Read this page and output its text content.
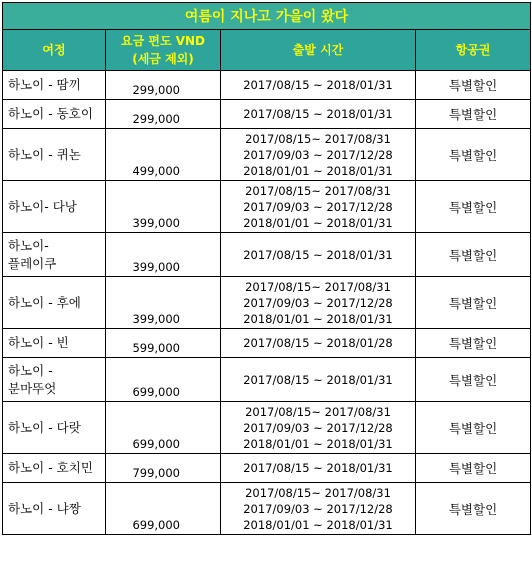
여름이 지나고 가을이 왔다			
여정	요금 편도 VND
(세금 제외)	출발 시간	항공권

하노이 - 땀끼	299,000	2017/08/15 ~ 2018/01/31	특별할인

하노이 - 동호이	299,000	2017/08/15 ~ 2018/01/31	특별할인

하노이 - 퀴논	499,000	2017/08/15~ 2017/08/31
2017/09/03 ~ 2017/12/28
2018/01/01 ~ 2018/01/31	특별할인

하노이- 다낭	399,000	2017/08/15~ 2017/08/31
2017/09/03 ~ 2017/12/28
2018/01/01 ~ 2018/01/31	특별할인

하노이-
플레이쿠	399,000	2017/08/15 ~ 2018/01/31	특별할인

하노이 - 후에	399,000	2017/08/15~ 2017/08/31
2017/09/03 ~ 2017/12/28
2018/01/01 ~ 2018/01/31	특별할인

하노이 - 빈	599,000	2017/08/15 ~ 2018/01/28	특별할인

하노이 -
분마뚜엇	699,000	2017/08/15 ~ 2018/01/31	특별할인

하노이 - 다랏	699,000	2017/08/15~ 2017/08/31
2017/09/03 ~ 2017/12/28
2018/01/01 ~ 2018/01/31	특별할인

하노이 - 호치민	799,000	2017/08/15 ~ 2018/01/31	특별할인

하노이 - 냐짱	699,000	2017/08/15~ 2017/08/31
2017/09/03 ~ 2017/12/28
2018/01/01 ~ 2018/01/31	특별할인
